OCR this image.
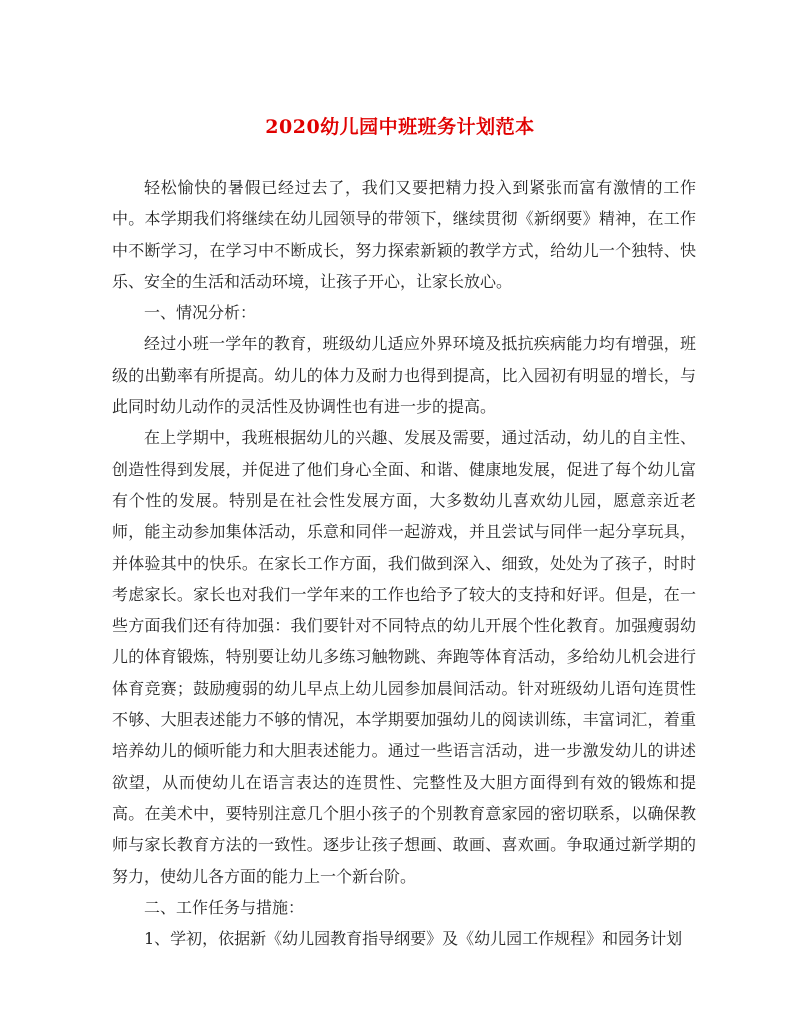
2020幼儿园中班班务计划范本

轻松愉快的暑假已经过去了，我们又要把精力投入到紧张而富有激情的工作中。本学期我们将继续在幼儿园领导的带领下，继续贯彻《新纲要》精神，在工作中不断学习，在学习中不断成长，努力探索新颖的教学方式，给幼儿一个独特、快乐、安全的生活和活动环境，让孩子开心，让家长放心。

一、情况分析：

经过小班一学年的教育，班级幼儿适应外界环境及抵抗疾病能力均有增强，班级的出勤率有所提高。幼儿的体力及耐力也得到提高，比入园初有明显的增长，与此同时幼儿动作的灵活性及协调性也有进一步的提高。

在上学期中，我班根据幼儿的兴趣、发展及需要，通过活动，幼儿的自主性、创造性得到发展，并促进了他们身心全面、和谐、健康地发展，促进了每个幼儿富有个性的发展。特别是在社会性发展方面，大多数幼儿喜欢幼儿园，愿意亲近老师，能主动参加集体活动，乐意和同伴一起游戏，并且尝试与同伴一起分享玩具，并体验其中的快乐。在家长工作方面，我们做到深入、细致，处处为了孩子，时时考虑家长。家长也对我们一学年来的工作也给予了较大的支持和好评。但是，在一些方面我们还有待加强：我们要针对不同特点的幼儿开展个性化教育。加强瘦弱幼儿的体育锻炼，特别要让幼儿多练习触物跳、奔跑等体育活动，多给幼儿机会进行体育竞赛；鼓励瘦弱的幼儿早点上幼儿园参加晨间活动。针对班级幼儿语句连贯性不够、大胆表述能力不够的情况，本学期要加强幼儿的阅读训练，丰富词汇，着重培养幼儿的倾听能力和大胆表述能力。通过一些语言活动，进一步激发幼儿的讲述欲望，从而使幼儿在语言表达的连贯性、完整性及大胆方面得到有效的锻炼和提高。在美术中，要特别注意几个胆小孩子的个别教育意家园的密切联系，以确保教师与家长教育方法的一致性。逐步让孩子想画、敢画、喜欢画。争取通过新学期的努力，使幼儿各方面的能力上一个新台阶。

二、工作任务与措施：

1、学初，依据新《幼儿园教育指导纲要》及《幼儿园工作规程》和园务计划
